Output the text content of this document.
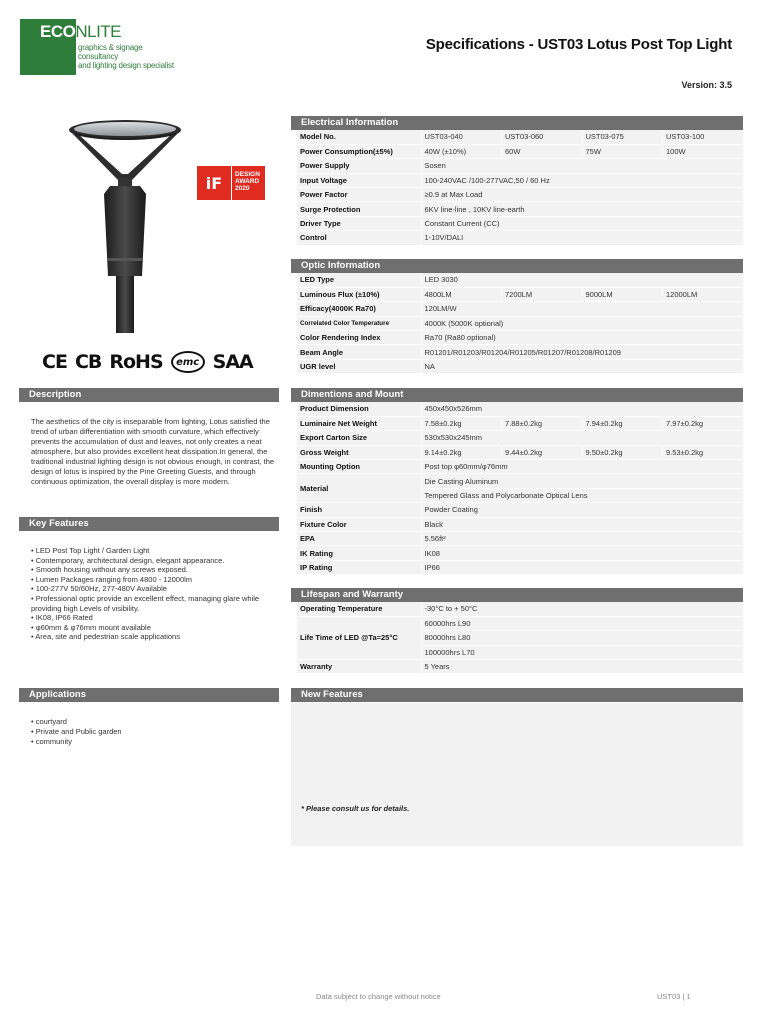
ECONLITE
graphics & signage consultancy
and lighting design specialist
Specifications - UST03 Lotus Post Top Light
Version: 3.5
iF	DESIGN
AWARD
2020
CE CB RoHS	emc SAA
Description
The aesthetics of the city is inseparable from lighting, Lotus satisfied the trend of urban differentiation with smooth curvature, which effectively prevents the accumulation of dust and leaves, not only creates a neat atmosphere, but also provides excellent heat dissipation.In general, the traditional industrial lighting design is not obvious enough, in contrast, the design of lotus is inspired by the Pine Greeting Guests, and through continuous optimization, the overall display is more modern.
Key Features
• LED Post Top Light / Garden Light
• Contemporary, architectural design, elegant appearance.
• Smooth housing without any screws exposed.
• Lumen Packages ranging from 4800 - 12000lm
• 100-277V 50/60Hz, 277-480V Available
• Professional optic provide an excellent effect, managing glare while providing high Levels of visibility.
• IK08, IP66 Rated
• φ60mm & φ76mm mount available
• Area, site and pedestrian scale applications
Applications
• courtyard
• Private and Public garden
• community
Electrical Information
Model No.	UST03-040	UST03-060	UST03-075	UST03-100
Power Consumption(±5%)	40W (±10%)	60W	75W	100W
Power Supply	Sosen			
Input Voltage	100-240VAC /100-277VAC,50 / 60 Hz			
Power Factor	≥0.9 at Max Load			
Surge Protection	6KV line-line , 10KV line-earth			
Driver Type	Constant Current (CC)			
Control	1-10V/DALI			
Optic Information
LED Type	LED 3030			
Luminous Flux (±10%)	4800LM	7200LM	9000LM	12000LM
Efficacy(4000K Ra70)	120LM/W			
Correlated Color Temperature	4000K (5000K optional)			
Color Rendering Index	Ra70 (Ra80 optional)			
Beam Angle	R01201/R01203/R01204/R01205/R01207/R01208/R01209			
UGR level	NA			
Dimentions and Mount
Product Dimension	450x450x526mm			
Luminaire Net Weight	7.58±0.2kg	7.88±0.2kg	7.94±0.2kg	7.97±0.2kg
Export Carton Size	530x530x245mm			
Gross Weight	9.14±0.2kg	9.44±0.2kg	9.50±0.2kg	9.53±0.2kg
Mounting Option	Post top φ60mm/φ76mm			
Material	Die Casting Aluminum			
	Tempered Glass and Polycarbonate Optical Lens			
Finish	Powder Coating			
Fixture Color	Black			
EPA	5.56ft²			
IK Rating	IK08			
IP Rating	IP66			
Lifespan and Warranty
Operating Temperature	-30°C to + 50°C
Life Time of LED @Ta=25°C	60000hrs L90
	80000hrs L80
	100000hrs L70
Warranty	5 Years
New Features
* Please consult us for details.
Data subject to change without notice	UST03 | 1
